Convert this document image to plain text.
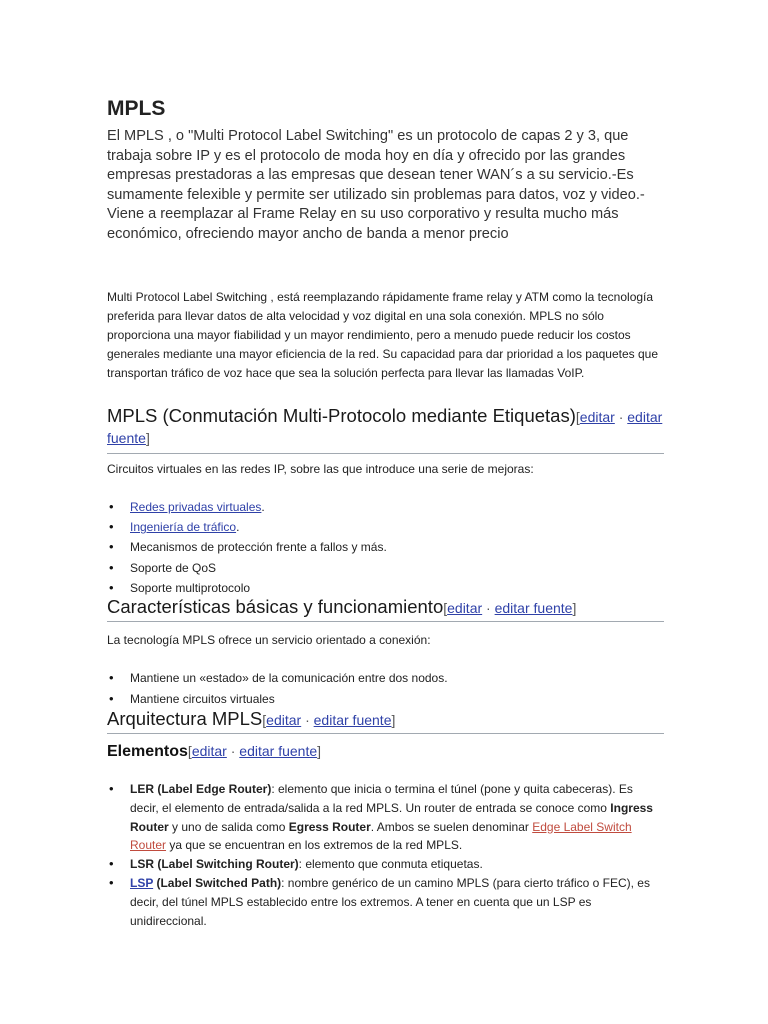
MPLS

El MPLS , o "Multi Protocol Label Switching" es un protocolo de capas 2 y 3, que trabaja sobre IP y es el protocolo de moda hoy en día y ofrecido por las grandes empresas prestadoras a las empresas que desean tener WAN´s a su servicio.-Es sumamente felexible y permite ser utilizado sin problemas para datos, voz y video.- Viene a reemplazar al Frame Relay en su uso corporativo y resulta mucho más económico, ofreciendo mayor ancho de banda a menor precio

Multi Protocol Label Switching , está reemplazando rápidamente frame relay y ATM como la tecnología preferida para llevar datos de alta velocidad y voz digital en una sola conexión. MPLS no sólo proporciona una mayor fiabilidad y un mayor rendimiento, pero a menudo puede reducir los costos generales mediante una mayor eficiencia de la red. Su capacidad para dar prioridad a los paquetes que transportan tráfico de voz hace que sea la solución perfecta para llevar las llamadas VoIP.

MPLS (Conmutación Multi-Protocolo mediante Etiquetas)[editar · editar fuente]

Circuitos virtuales en las redes IP, sobre las que introduce una serie de mejoras:

• Redes privadas virtuales.
• Ingeniería de tráfico.
• Mecanismos de protección frente a fallos y más.
• Soporte de QoS
• Soporte multiprotocolo
Características básicas y funcionamiento[editar · editar fuente]

La tecnología MPLS ofrece un servicio orientado a conexión:

• Mantiene un «estado» de la comunicación entre dos nodos.
• Mantiene circuitos virtuales
Arquitectura MPLS[editar · editar fuente]
Elementos[editar · editar fuente]
• LER (Label Edge Router): elemento que inicia o termina el túnel (pone y quita cabeceras). Es decir, el elemento de entrada/salida a la red MPLS. Un router de entrada se conoce como Ingress Router y uno de salida como Egress Router. Ambos se suelen denominar Edge Label Switch Router ya que se encuentran en los extremos de la red MPLS.
• LSR (Label Switching Router): elemento que conmuta etiquetas.
• LSP (Label Switched Path): nombre genérico de un camino MPLS (para cierto tráfico o FEC), es decir, del túnel MPLS establecido entre los extremos. A tener en cuenta que un LSP es unidireccional.
